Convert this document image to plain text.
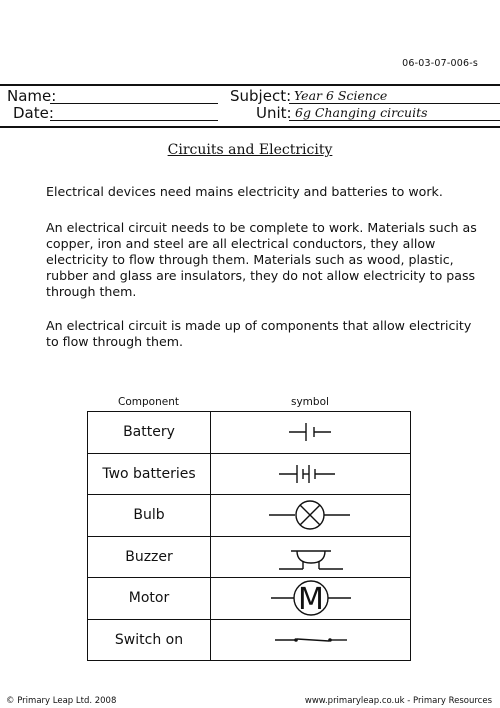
06-03-07-006-s
Name:	Subject: Year 6 Science
Date:	Unit: 6g Changing circuits
Circuits and Electricity

Electrical devices need mains electricity and batteries to work.

An electrical circuit needs to be complete to work. Materials such as copper, iron and steel are all electrical conductors, they allow electricity to flow through them. Materials such as wood, plastic, rubber and glass are insulators, they do not allow electricity to pass through them.

An electrical circuit is made up of components that allow electricity to flow through them.

Component	symbol
Battery	

Two batteries	

Bulb	

Buzzer	

Motor	M

Switch on	
© Primary Leap Ltd. 2008	www.primaryleap.co.uk - Primary Resources
